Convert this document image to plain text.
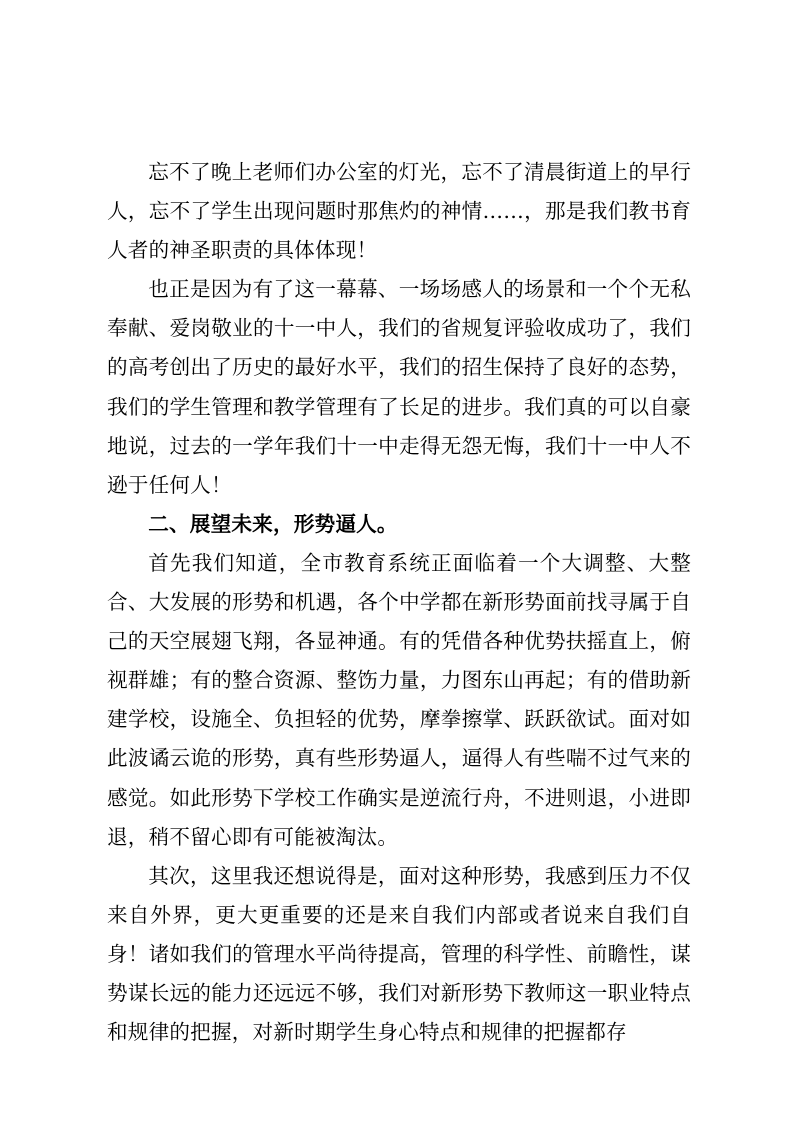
忘不了晚上老师们办公室的灯光，忘不了清晨街道上的早行人，忘不了学生出现问题时那焦灼的神情……，那是我们教书育人者的神圣职责的具体体现！

也正是因为有了这一幕幕、一场场感人的场景和一个个无私奉献、爱岗敬业的十一中人，我们的省规复评验收成功了，我们的高考创出了历史的最好水平，我们的招生保持了良好的态势，我们的学生管理和教学管理有了长足的进步。我们真的可以自豪地说，过去的一学年我们十一中走得无怨无悔，我们十一中人不逊于任何人！

二、展望未来，形势逼人。

首先我们知道，全市教育系统正面临着一个大调整、大整合、大发展的形势和机遇，各个中学都在新形势面前找寻属于自己的天空展翅飞翔，各显神通。有的凭借各种优势扶摇直上，俯视群雄；有的整合资源、整饬力量，力图东山再起；有的借助新建学校，设施全、负担轻的优势，摩拳擦掌、跃跃欲试。面对如此波谲云诡的形势，真有些形势逼人，逼得人有些喘不过气来的感觉。如此形势下学校工作确实是逆流行舟，不进则退，小进即退，稍不留心即有可能被淘汰。

其次，这里我还想说得是，面对这种形势，我感到压力不仅来自外界，更大更重要的还是来自我们内部或者说来自我们自身！诸如我们的管理水平尚待提高，管理的科学性、前瞻性，谋势谋长远的能力还远远不够，我们对新形势下教师这一职业特点和规律的把握，对新时期学生身心特点和规律的把握都存
